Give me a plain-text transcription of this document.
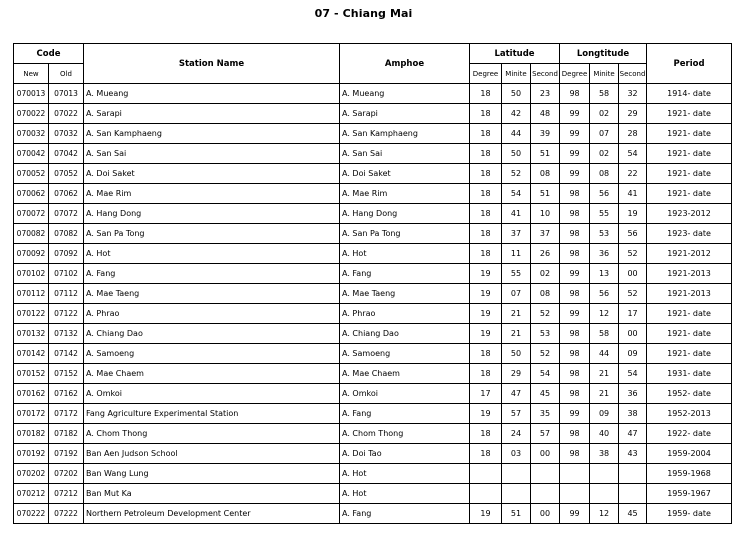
07 - Chiang Mai
Code		Station Name	Amphoe	Latitude			Longtitude			Period
New	Old			Degree	Minite	Second	Degree	Minite	Second	
070013	07013	A. Mueang	A. Mueang	18	50	23	98	58	32	1914- date
070022	07022	A. Sarapi	A. Sarapi	18	42	48	99	02	29	1921- date
070032	07032	A. San Kamphaeng	A. San Kamphaeng	18	44	39	99	07	28	1921- date
070042	07042	A. San Sai	A. San Sai	18	50	51	99	02	54	1921- date
070052	07052	A. Doi Saket	A. Doi Saket	18	52	08	99	08	22	1921- date
070062	07062	A. Mae Rim	A. Mae Rim	18	54	51	98	56	41	1921- date
070072	07072	A. Hang Dong	A. Hang Dong	18	41	10	98	55	19	1923-2012
070082	07082	A. San Pa Tong	A. San Pa Tong	18	37	37	98	53	56	1923- date
070092	07092	A. Hot	A. Hot	18	11	26	98	36	52	1921-2012
070102	07102	A. Fang	A. Fang	19	55	02	99	13	00	1921-2013
070112	07112	A. Mae Taeng	A. Mae Taeng	19	07	08	98	56	52	1921-2013
070122	07122	A. Phrao	A. Phrao	19	21	52	99	12	17	1921- date
070132	07132	A. Chiang Dao	A. Chiang Dao	19	21	53	98	58	00	1921- date
070142	07142	A. Samoeng	A. Samoeng	18	50	52	98	44	09	1921- date
070152	07152	A. Mae Chaem	A. Mae Chaem	18	29	54	98	21	54	1931- date
070162	07162	A. Omkoi	A. Omkoi	17	47	45	98	21	36	1952- date
070172	07172	Fang Agriculture Experimental Station	A. Fang	19	57	35	99	09	38	1952-2013
070182	07182	A. Chom Thong	A. Chom Thong	18	24	57	98	40	47	1922- date
070192	07192	Ban Aen Judson School	A. Doi Tao	18	03	00	98	38	43	1959-2004
070202	07202	Ban Wang Lung	A. Hot							1959-1968
070212	07212	Ban Mut Ka	A. Hot							1959-1967
070222	07222	Northern Petroleum Development Center	A. Fang	19	51	00	99	12	45	1959- date
